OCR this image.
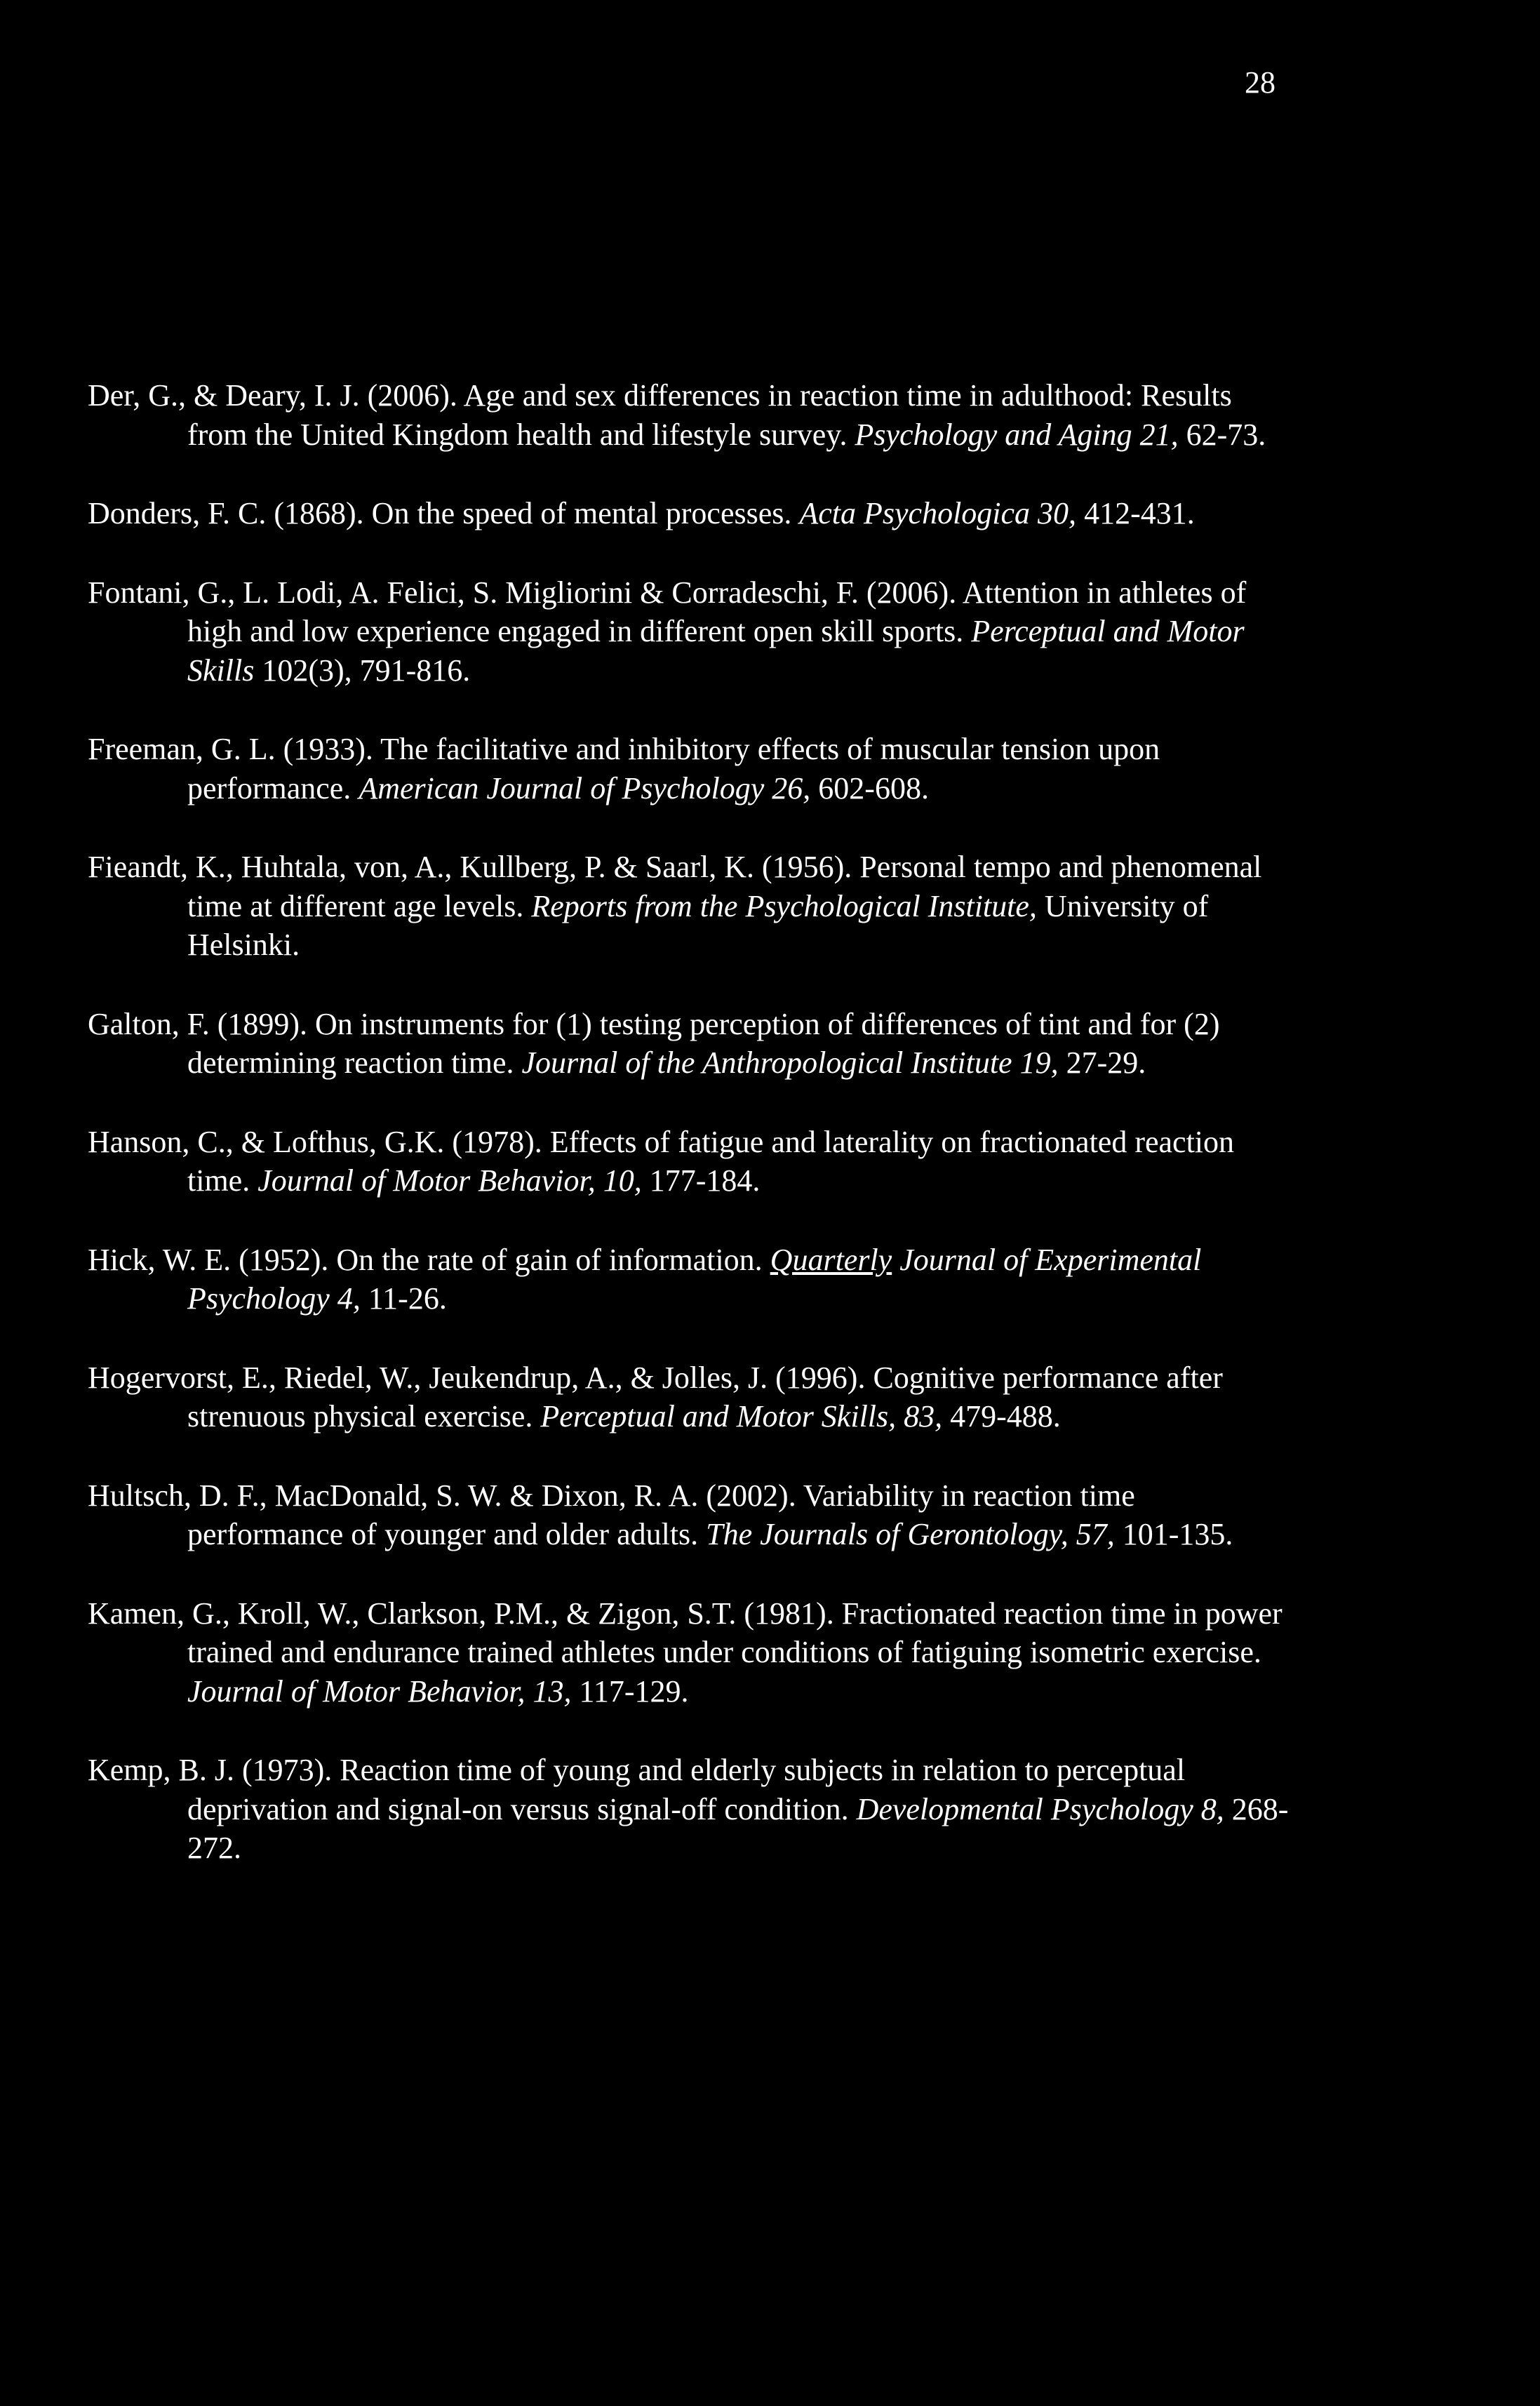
28

Der, G., & Deary, I. J. (2006). Age and sex differences in reaction time in adulthood: Results from the United Kingdom health and lifestyle survey. Psychology and Aging 21, 62-73.

Donders, F. C. (1868). On the speed of mental processes. Acta Psychologica 30, 412-431.

Fontani, G., L. Lodi, A. Felici, S. Migliorini & Corradeschi, F. (2006). Attention in athletes of high and low experience engaged in different open skill sports. Perceptual and Motor Skills 102(3), 791-816.

Freeman, G. L. (1933). The facilitative and inhibitory effects of muscular tension upon performance. American Journal of Psychology 26, 602-608.

Fieandt, K., Huhtala, von, A., Kullberg, P. & Saarl, K. (1956). Personal tempo and phenomenal time at different age levels. Reports from the Psychological Institute, University of Helsinki.

Galton, F. (1899). On instruments for (1) testing perception of differences of tint and for (2) determining reaction time. Journal of the Anthropological Institute 19, 27-29.

Hanson, C., & Lofthus, G.K. (1978). Effects of fatigue and laterality on fractionated reaction time. Journal of Motor Behavior, 10, 177-184.

Hick, W. E. (1952). On the rate of gain of information. Quarterly Journal of Experimental Psychology 4, 11-26.

Hogervorst, E., Riedel, W., Jeukendrup, A., & Jolles, J. (1996). Cognitive performance after strenuous physical exercise. Perceptual and Motor Skills, 83, 479-488.

Hultsch, D. F., MacDonald, S. W. & Dixon, R. A. (2002). Variability in reaction time performance of younger and older adults. The Journals of Gerontology, 57, 101-135.

Kamen, G., Kroll, W., Clarkson, P.M., & Zigon, S.T. (1981). Fractionated reaction time in power trained and endurance trained athletes under conditions of fatiguing isometric exercise. Journal of Motor Behavior, 13, 117-129.

Kemp, B. J. (1973). Reaction time of young and elderly subjects in relation to perceptual deprivation and signal-on versus signal-off condition. Developmental Psychology 8, 268-272.
